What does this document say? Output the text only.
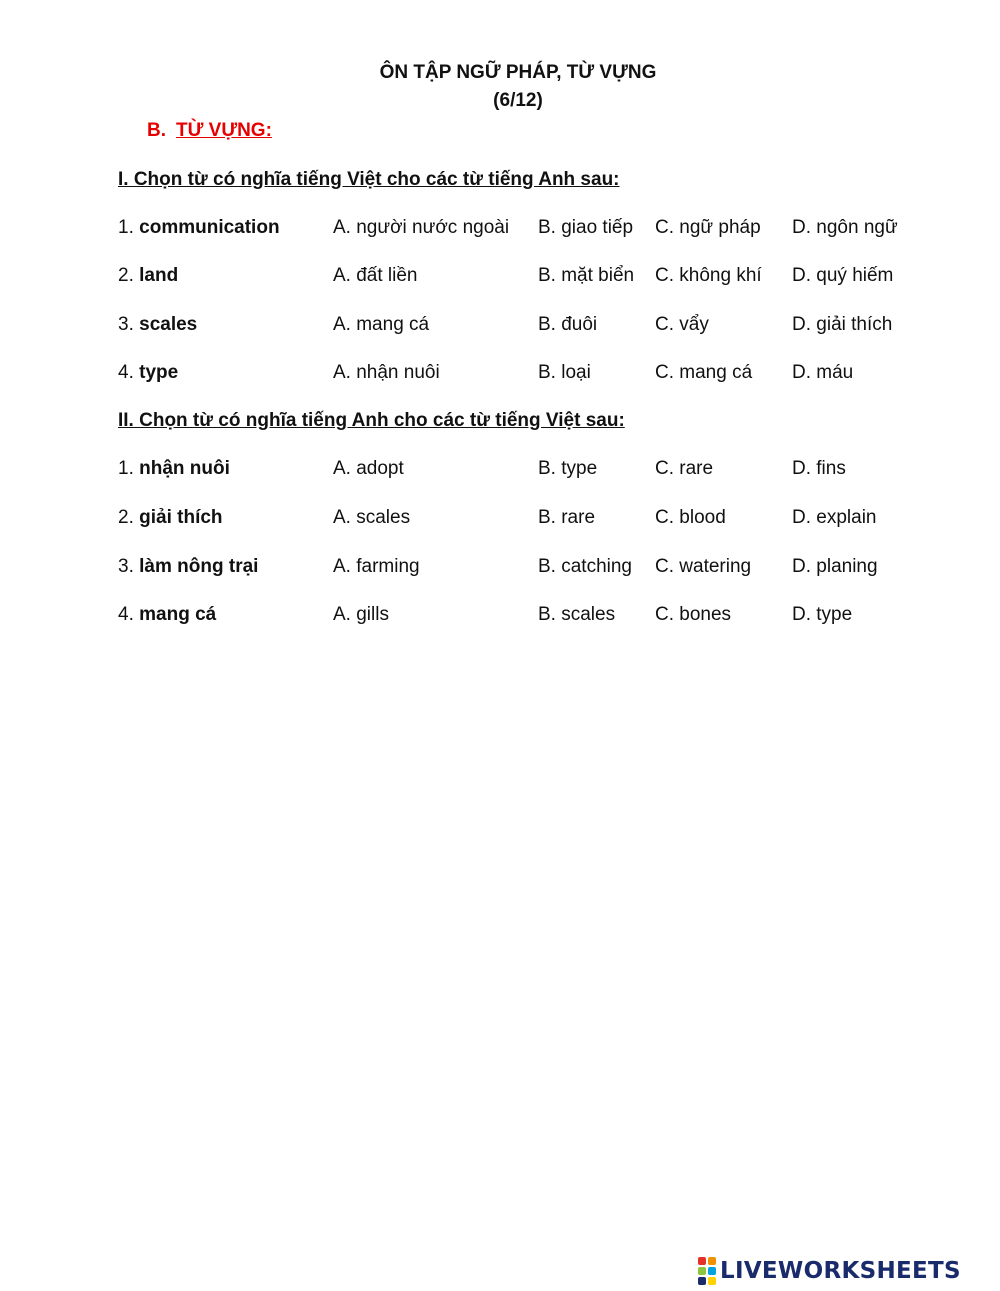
ÔN TẬP NGỮ PHÁP, TỪ VỰNG
(6/12)
B. TỪ VỰNG:
I. Chọn từ có nghĩa tiếng Việt cho các từ tiếng Anh sau:
1. communication	A. người nước ngoài B. giao tiếp C. ngữ pháp D. ngôn ngữ
2. land	A. đất liền	B. mặt biển C. không khí D. quý hiếm
3. scales	A. mang cá	B. đuôi	C. vẩy	D. giải thích
4. type	A. nhận nuôi	B. loại	C. mang cá D. máu
II. Chọn từ có nghĩa tiếng Anh cho các từ tiếng Việt sau:
1. nhận nuôi	A. adopt	B. type	C. rare	D. fins
2. giải thích	A. scales	B. rare	C. blood	D. explain
3. làm nông trại	A. farming	B. catching C. watering D. planing
4. mang cá	A. gills	B. scales C. bones	D. type
LIVEWORKSHEETS
